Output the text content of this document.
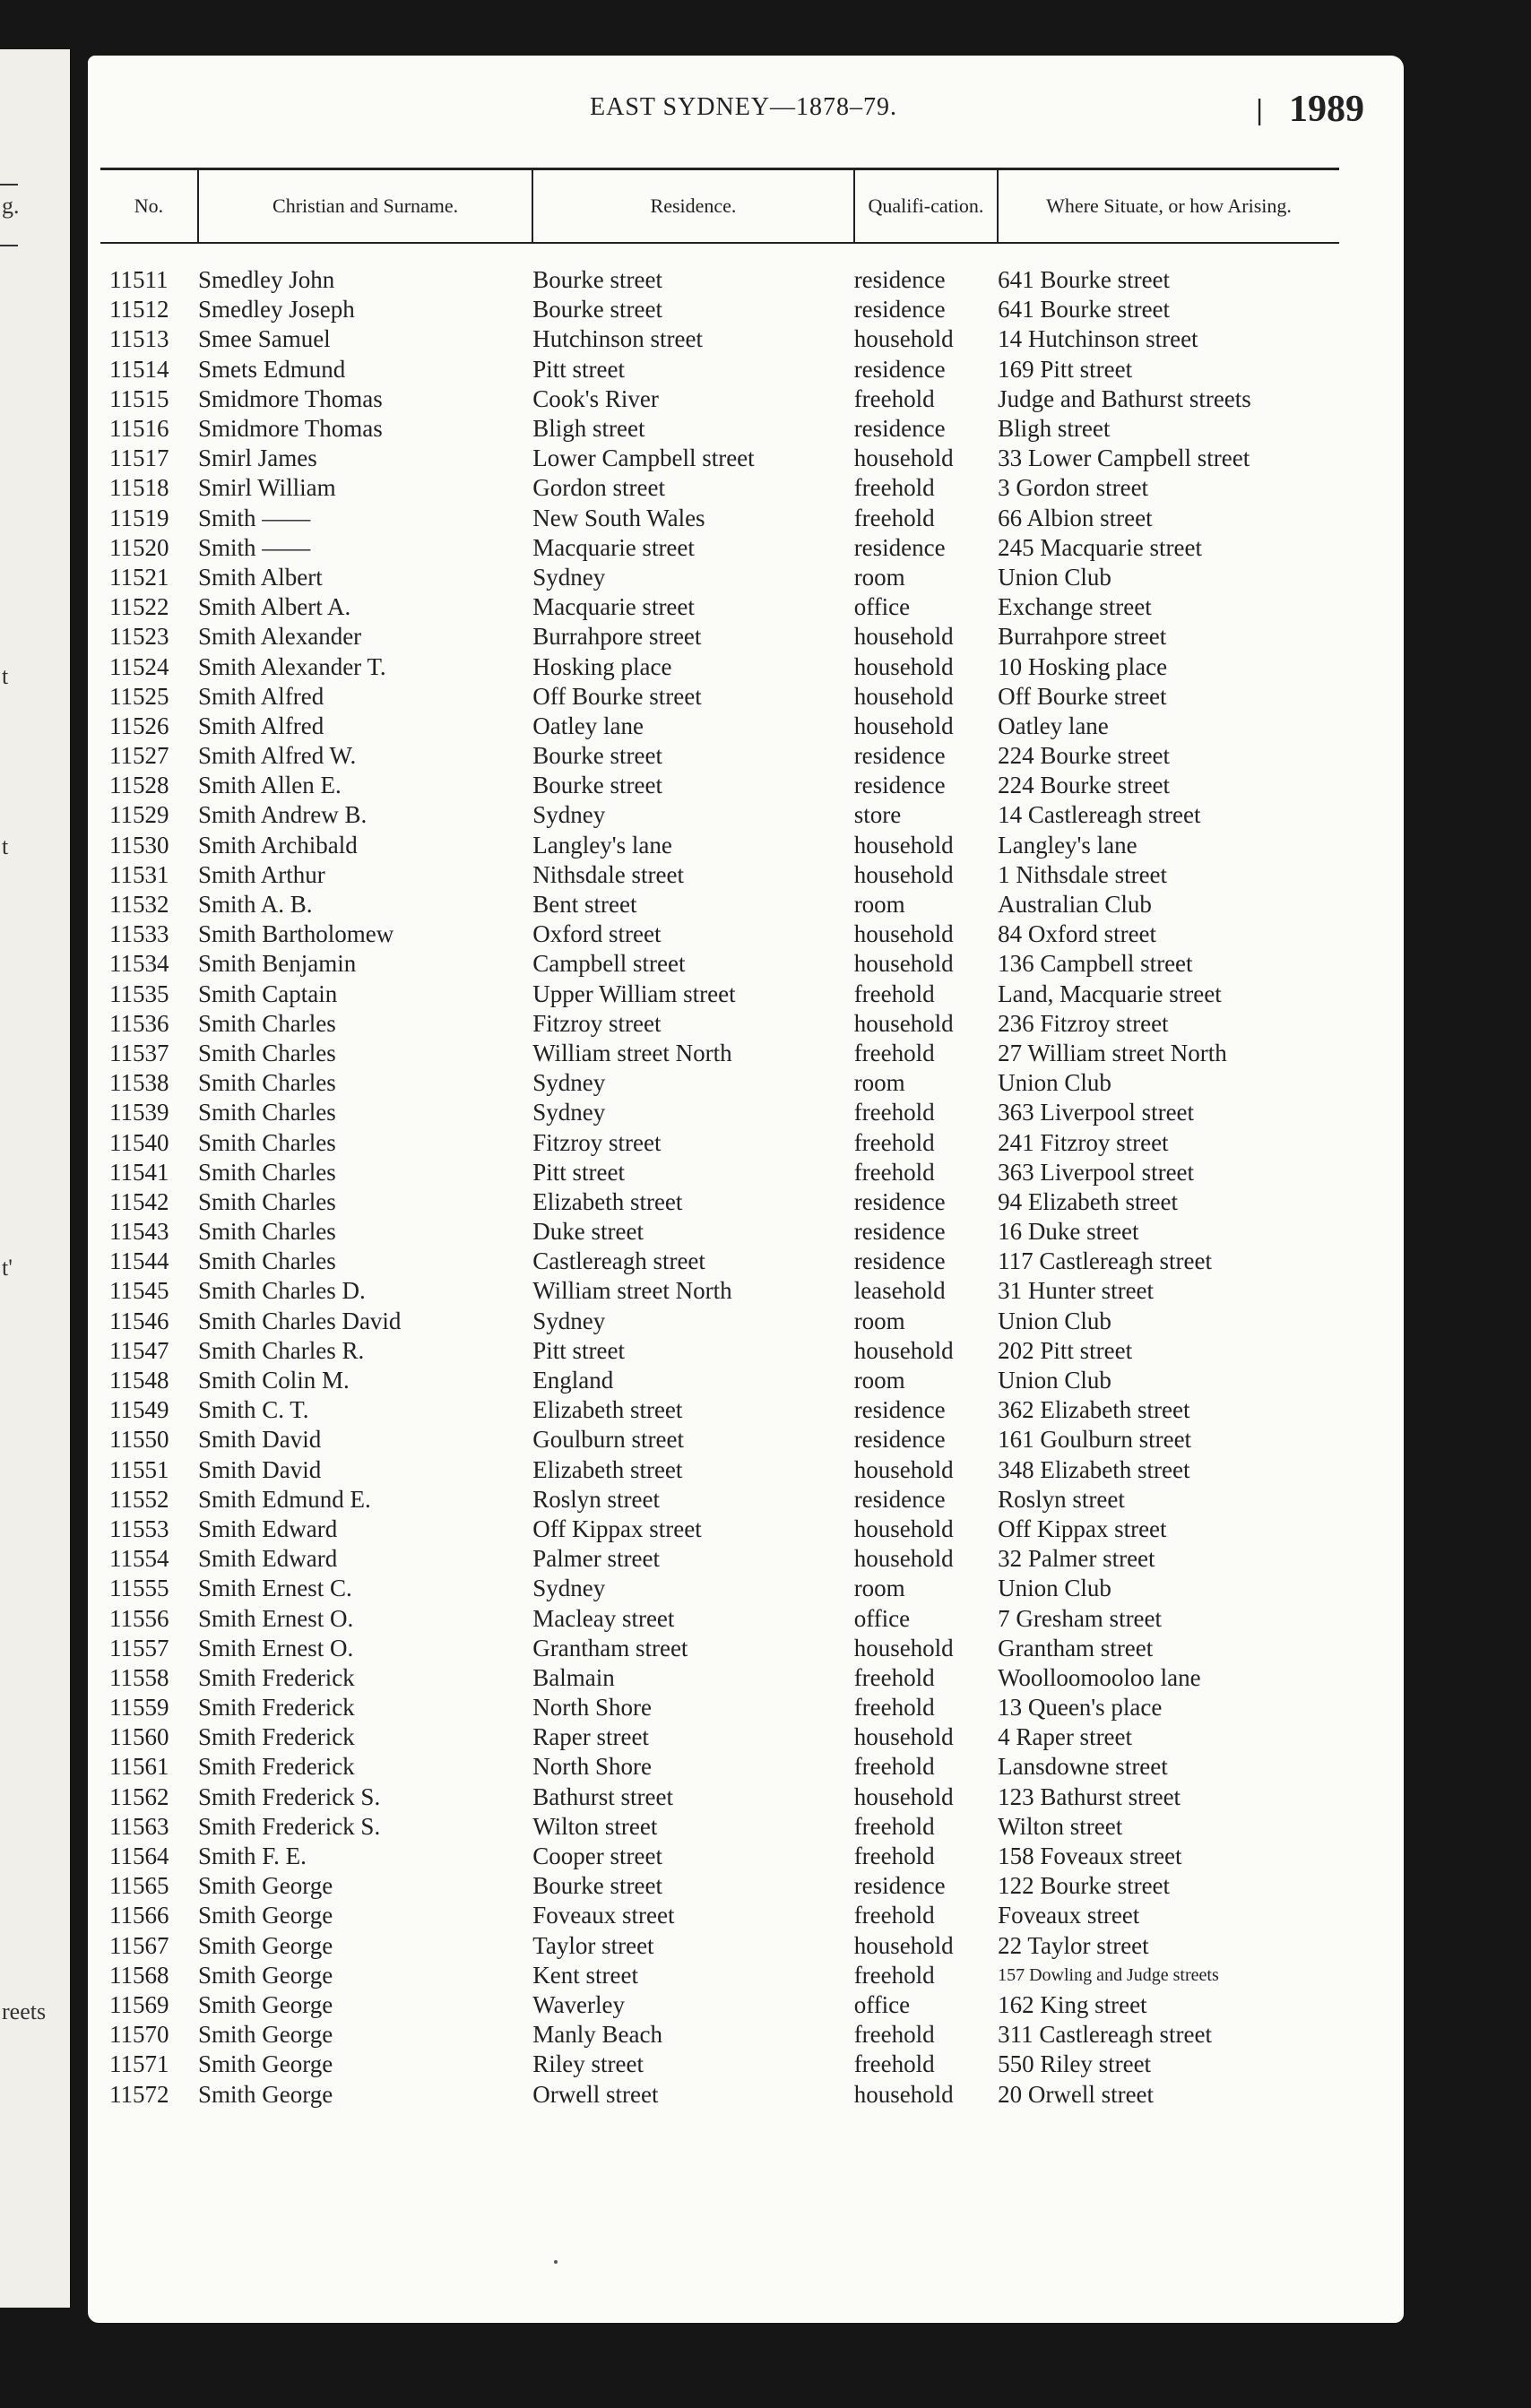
g.
t
t
t'
reets
EAST SYDNEY—1878–79.	| 1989
No.	Christian and Surname.	Residence.	Qualifi-cation.	Where Situate, or how Arising.
11511	Smedley John	Bourke street	residence	641 Bourke street
11512	Smedley Joseph	Bourke street	residence	641 Bourke street
11513	Smee Samuel	Hutchinson street	household	14 Hutchinson street
11514	Smets Edmund	Pitt street	residence	169 Pitt street
11515	Smidmore Thomas	Cook's River	freehold	Judge and Bathurst streets
11516	Smidmore Thomas	Bligh street	residence	Bligh street
11517	Smirl James	Lower Campbell street	household	33 Lower Campbell street
11518	Smirl William	Gordon street	freehold	3 Gordon street
11519	Smith ——	New South Wales	freehold	66 Albion street
11520	Smith ——	Macquarie street	residence	245 Macquarie street
11521	Smith Albert	Sydney	room	Union Club
11522	Smith Albert A.	Macquarie street	office	Exchange street
11523	Smith Alexander	Burrahpore street	household	Burrahpore street
11524	Smith Alexander T.	Hosking place	household	10 Hosking place
11525	Smith Alfred	Off Bourke street	household	Off Bourke street
11526	Smith Alfred	Oatley lane	household	Oatley lane
11527	Smith Alfred W.	Bourke street	residence	224 Bourke street
11528	Smith Allen E.	Bourke street	residence	224 Bourke street
11529	Smith Andrew B.	Sydney	store	14 Castlereagh street
11530	Smith Archibald	Langley's lane	household	Langley's lane
11531	Smith Arthur	Nithsdale street	household	1 Nithsdale street
11532	Smith A. B.	Bent street	room	Australian Club
11533	Smith Bartholomew	Oxford street	household	84 Oxford street
11534	Smith Benjamin	Campbell street	household	136 Campbell street
11535	Smith Captain	Upper William street	freehold	Land, Macquarie street
11536	Smith Charles	Fitzroy street	household	236 Fitzroy street
11537	Smith Charles	William street North	freehold	27 William street North
11538	Smith Charles	Sydney	room	Union Club
11539	Smith Charles	Sydney	freehold	363 Liverpool street
11540	Smith Charles	Fitzroy street	freehold	241 Fitzroy street
11541	Smith Charles	Pitt street	freehold	363 Liverpool street
11542	Smith Charles	Elizabeth street	residence	94 Elizabeth street
11543	Smith Charles	Duke street	residence	16 Duke street
11544	Smith Charles	Castlereagh street	residence	117 Castlereagh street
11545	Smith Charles D.	William street North	leasehold	31 Hunter street
11546	Smith Charles David	Sydney	room	Union Club
11547	Smith Charles R.	Pitt street	household	202 Pitt street
11548	Smith Colin M.	England	room	Union Club
11549	Smith C. T.	Elizabeth street	residence	362 Elizabeth street
11550	Smith David	Goulburn street	residence	161 Goulburn street
11551	Smith David	Elizabeth street	household	348 Elizabeth street
11552	Smith Edmund E.	Roslyn street	residence	Roslyn street
11553	Smith Edward	Off Kippax street	household	Off Kippax street
11554	Smith Edward	Palmer street	household	32 Palmer street
11555	Smith Ernest C.	Sydney	room	Union Club
11556	Smith Ernest O.	Macleay street	office	7 Gresham street
11557	Smith Ernest O.	Grantham street	household	Grantham street
11558	Smith Frederick	Balmain	freehold	Woolloomooloo lane
11559	Smith Frederick	North Shore	freehold	13 Queen's place
11560	Smith Frederick	Raper street	household	4 Raper street
11561	Smith Frederick	North Shore	freehold	Lansdowne street
11562	Smith Frederick S.	Bathurst street	household	123 Bathurst street
11563	Smith Frederick S.	Wilton street	freehold	Wilton street
11564	Smith F. E.	Cooper street	freehold	158 Foveaux street
11565	Smith George	Bourke street	residence	122 Bourke street
11566	Smith George	Foveaux street	freehold	Foveaux street
11567	Smith George	Taylor street	household	22 Taylor street
11568	Smith George	Kent street	freehold	157 Dowling and Judge streets
11569	Smith George	Waverley	office	162 King street
11570	Smith George	Manly Beach	freehold	311 Castlereagh street
11571	Smith George	Riley street	freehold	550 Riley street
11572	Smith George	Orwell street	household	20 Orwell street
